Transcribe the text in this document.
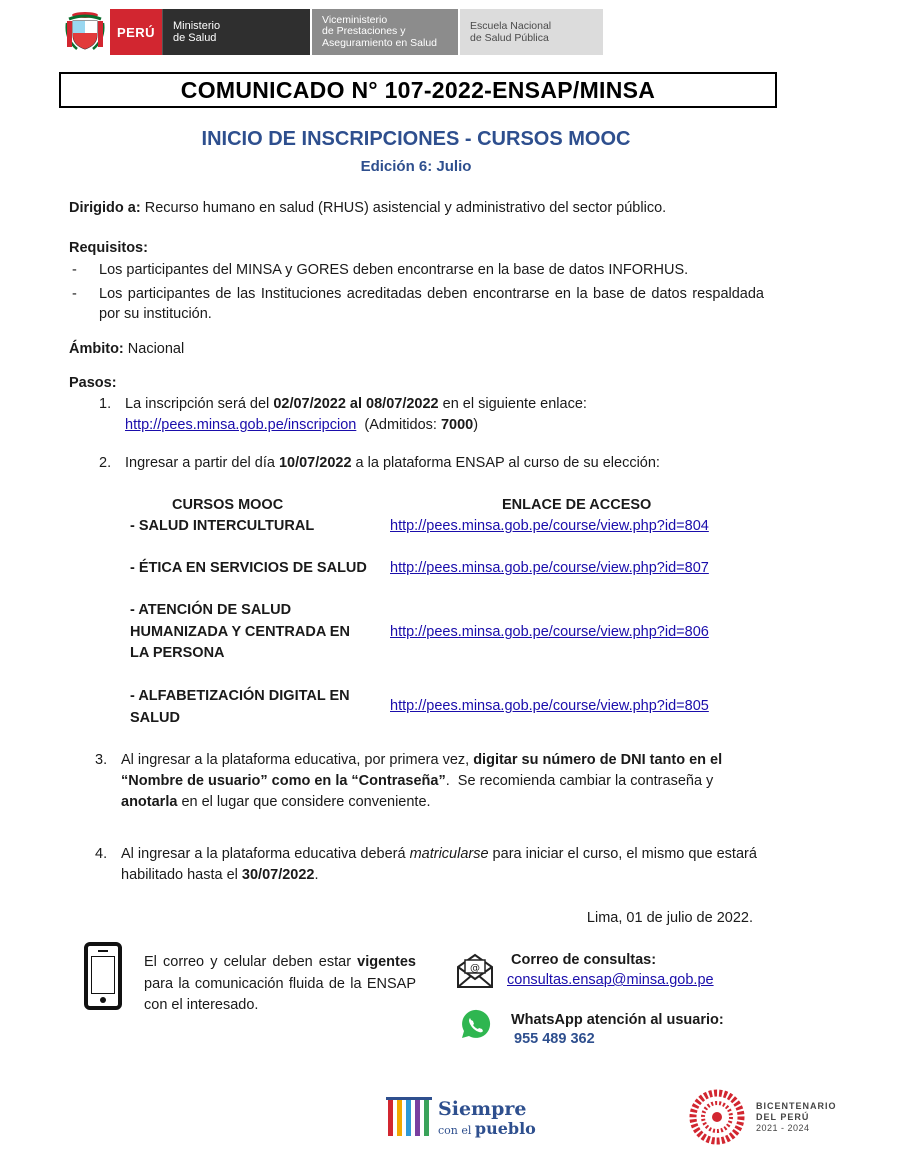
PERÚ	Ministerio
de Salud
Viceministerio
de Prestaciones y
Aseguramiento en Salud
Escuela Nacional
de Salud Pública
COMUNICADO N° 107-2022-ENSAP/MINSA
INICIO DE INSCRIPCIONES - CURSOS MOOC
Edición 6: Julio
Dirigido a: Recurso humano en salud (RHUS) asistencial y administrativo del sector público.
Requisitos:
-	Los participantes del MINSA y GORES deben encontrarse en la base de datos INFORHUS.
-	Los participantes de las Instituciones acreditadas deben encontrarse en la base de datos respaldada por su institución.
Ámbito: Nacional
Pasos:
1. La inscripción será del 02/07/2022 al 08/07/2022 en el siguiente enlace:
http://pees.minsa.gob.pe/inscripcion  (Admitidos: 7000)
2. Ingresar a partir del día 10/07/2022 a la plataforma ENSAP al curso de su elección:
CURSOS MOOC	ENLACE DE ACCESO
- SALUD INTERCULTURAL	http://pees.minsa.gob.pe/course/view.php?id=804
- ÉTICA EN SERVICIOS DE SALUD http://pees.minsa.gob.pe/course/view.php?id=807
- ATENCIÓN DE SALUD HUMANIZADA Y CENTRADA EN LA PERSONA
http://pees.minsa.gob.pe/course/view.php?id=806
- ALFABETIZACIÓN DIGITAL EN SALUD
http://pees.minsa.gob.pe/course/view.php?id=805
3. Al ingresar a la plataforma educativa, por primera vez, digitar su número de DNI tanto en el “Nombre de usuario” como en la “Contraseña”.  Se recomienda cambiar la contraseña y anotarla en el lugar que considere conveniente.
4. Al ingresar a la plataforma educativa deberá matricularse para iniciar el curso, el mismo que estará habilitado hasta el 30/07/2022.
Lima, 01 de julio de 2022.
El correo y celular deben estar vigentes para la comunicación fluida de la ENSAP con el interesado.
@
Correo de consultas:
consultas.ensap@minsa.gob.pe
WhatsApp atención al usuario:
955 489 362
Siempre
con el pueblo
BICENTENARIO
DEL PERÚ
2021 - 2024
